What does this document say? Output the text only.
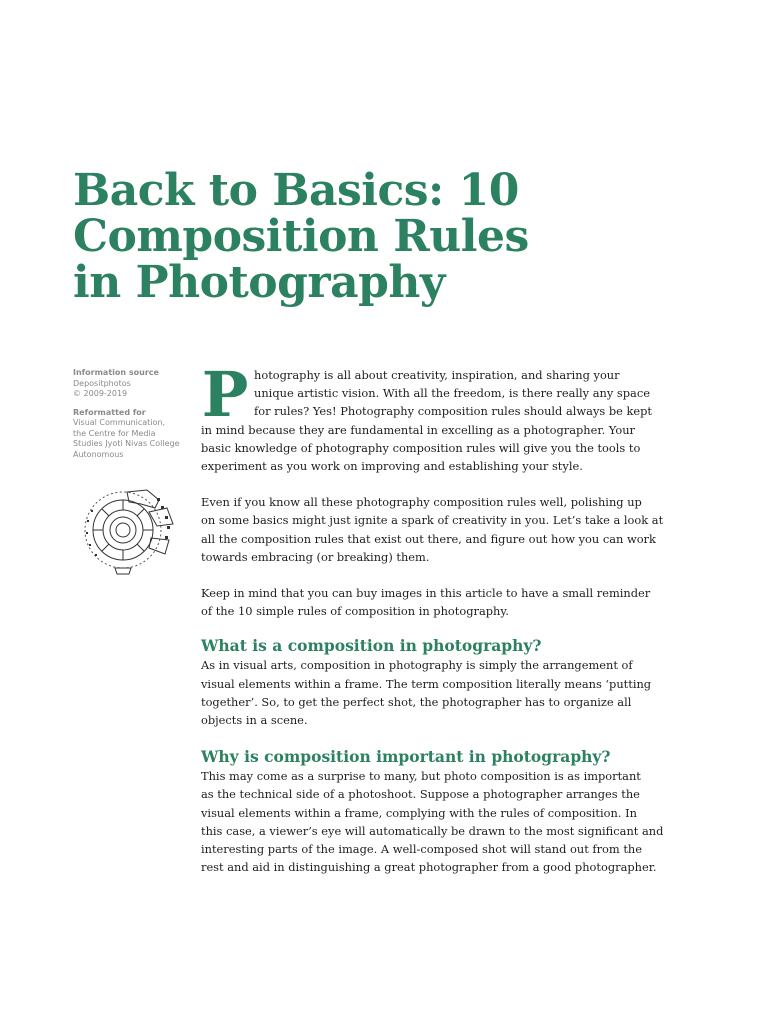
Back to Basics: 10
Composition Rules
in Photography
Information source
Depositphotos
© 2009-2019
Reformatted for
Visual Communication,
the Centre for Media
Studies Jyoti Nivas College
Autonomous
P hotography is all about creativity, inspiration, and sharing your
unique artistic vision. With all the freedom, is there really any space
for rules? Yes! Photography composition rules should always be kept
in mind because they are fundamental in excelling as a photographer. Your
basic knowledge of photography composition rules will give you the tools to
experiment as you work on improving and establishing your style.

Even if you know all these photography composition rules well, polishing up
on some basics might just ignite a spark of creativity in you. Let’s take a look at
all the composition rules that exist out there, and figure out how you can work
towards embracing (or breaking) them.

Keep in mind that you can buy images in this article to have a small reminder
of the 10 simple rules of composition in photography.

What is a composition in photography?

As in visual arts, composition in photography is simply the arrangement of
visual elements within a frame. The term composition literally means ‘putting
together’. So, to get the perfect shot, the photographer has to organize all
objects in a scene.

Why is composition important in photography?

This may come as a surprise to many, but photo composition is as important
as the technical side of a photoshoot. Suppose a photographer arranges the
visual elements within a frame, complying with the rules of composition. In
this case, a viewer’s eye will automatically be drawn to the most significant and
interesting parts of the image. A well-composed shot will stand out from the
rest and aid in distinguishing a great photographer from a good photographer.
